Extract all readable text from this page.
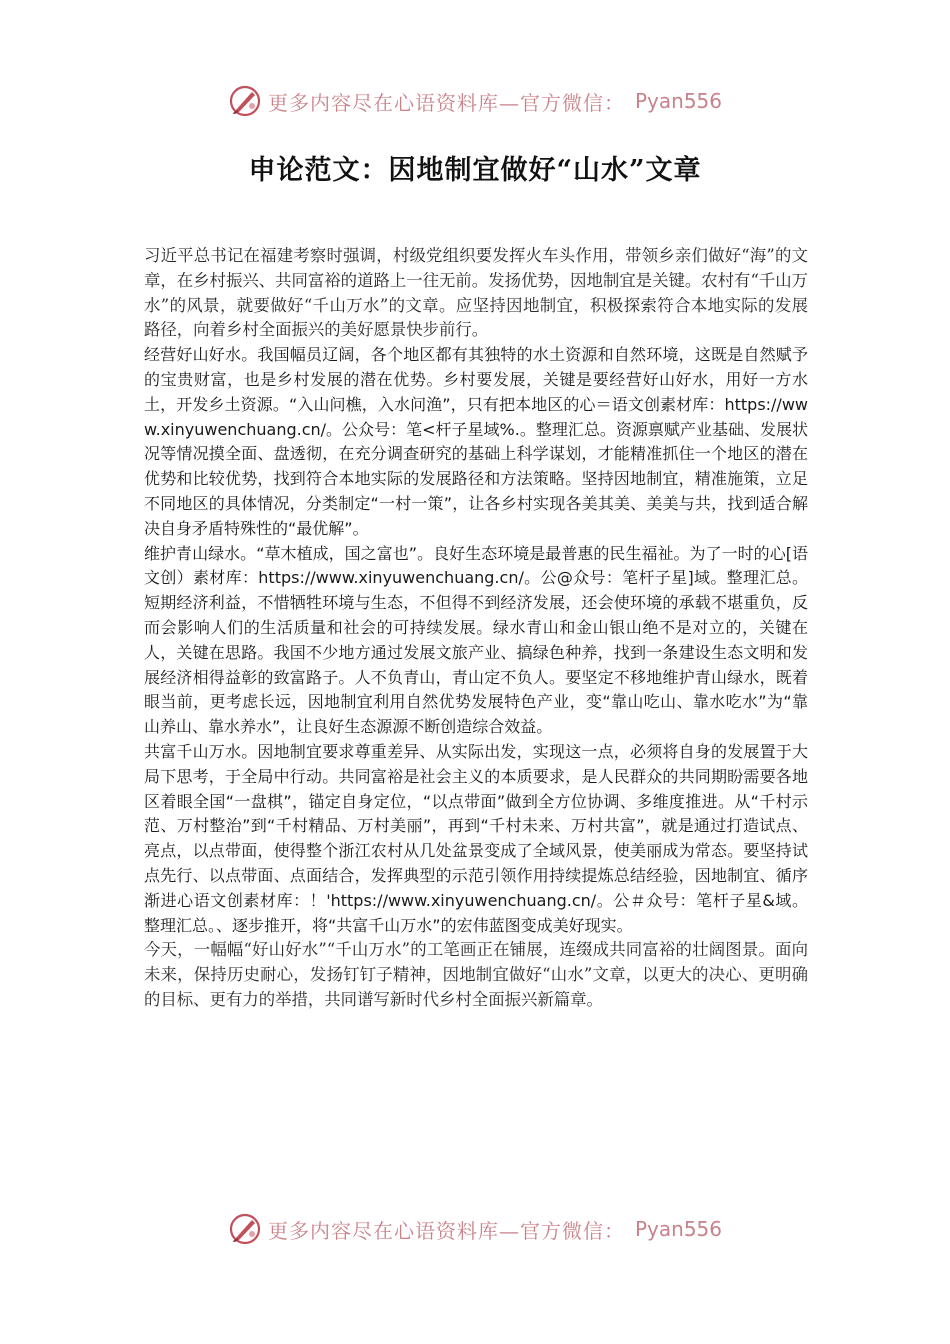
更多内容尽在心语资料库—官方微信： Pyan556
申论范文：因地制宜做好“山水”文章

习近平总书记在福建考察时强调，村级党组织要发挥火车头作用，带领乡亲们做好“海”的文章，在乡村振兴、共同富裕的道路上一往无前。发扬优势，因地制宜是关键。农村有“千山万水”的风景，就要做好“千山万水”的文章。应坚持因地制宜，积极探索符合本地实际的发展路径，向着乡村全面振兴的美好愿景快步前行。

经营好山好水。我国幅员辽阔，各个地区都有其独特的水土资源和自然环境，这既是自然赋予的宝贵财富，也是乡村发展的潜在优势。乡村要发展，关键是要经营好山好水，用好一方水土，开发乡土资源。“入山问樵，入水问渔”，只有把本地区的心＝语文创素材库：https://www.xinyuwenchuang.cn/。公众号：笔<杆子星域%.。整理汇总。资源禀赋产业基础、发展状况等情况摸全面、盘透彻，在充分调查研究的基础上科学谋划，才能精准抓住一个地区的潜在优势和比较优势，找到符合本地实际的发展路径和方法策略。坚持因地制宜，精准施策，立足不同地区的具体情况，分类制定“一村一策”，让各乡村实现各美其美、美美与共，找到适合解决自身矛盾特殊性的“最优解”。

维护青山绿水。“草木植成，国之富也”。良好生态环境是最普惠的民生福祉。为了一时的心[语文创）素材库：https://www.xinyuwenchuang.cn/。公@众号：笔杆子星]域。整理汇总。短期经济利益，不惜牺牲环境与生态，不但得不到经济发展，还会使环境的承载不堪重负，反而会影响人们的生活质量和社会的可持续发展。绿水青山和金山银山绝不是对立的，关键在人，关键在思路。我国不少地方通过发展文旅产业、搞绿色种养，找到一条建设生态文明和发展经济相得益彰的致富路子。人不负青山，青山定不负人。要坚定不移地维护青山绿水，既着眼当前，更考虑长远，因地制宜利用自然优势发展特色产业，变“靠山吃山、靠水吃水”为“靠山养山、靠水养水”，让良好生态源源不断创造综合效益。

共富千山万水。因地制宜要求尊重差异、从实际出发，实现这一点，必须将自身的发展置于大局下思考，于全局中行动。共同富裕是社会主义的本质要求，是人民群众的共同期盼需要各地区着眼全国“一盘棋”，锚定自身定位，“以点带面”做到全方位协调、多维度推进。从“千村示范、万村整治”到“千村精品、万村美丽”，再到“千村未来、万村共富”，就是通过打造试点、亮点，以点带面，使得整个浙江农村从几处盆景变成了全域风景，使美丽成为常态。要坚持试点先行、以点带面、点面结合，发挥典型的示范引领作用持续提炼总结经验，因地制宜、循序渐进心语文创素材库：！'https://www.xinyuwenchuang.cn/。公＃众号：笔杆子星&域。整理汇总。、逐步推开，将“共富千山万水”的宏伟蓝图变成美好现实。

今天，一幅幅“好山好水”“千山万水”的工笔画正在铺展，连缀成共同富裕的壮阔图景。面向未来，保持历史耐心，发扬钉钉子精神，因地制宜做好“山水”文章，以更大的决心、更明确的目标、更有力的举措，共同谱写新时代乡村全面振兴新篇章。

更多内容尽在心语资料库—官方微信： Pyan556
